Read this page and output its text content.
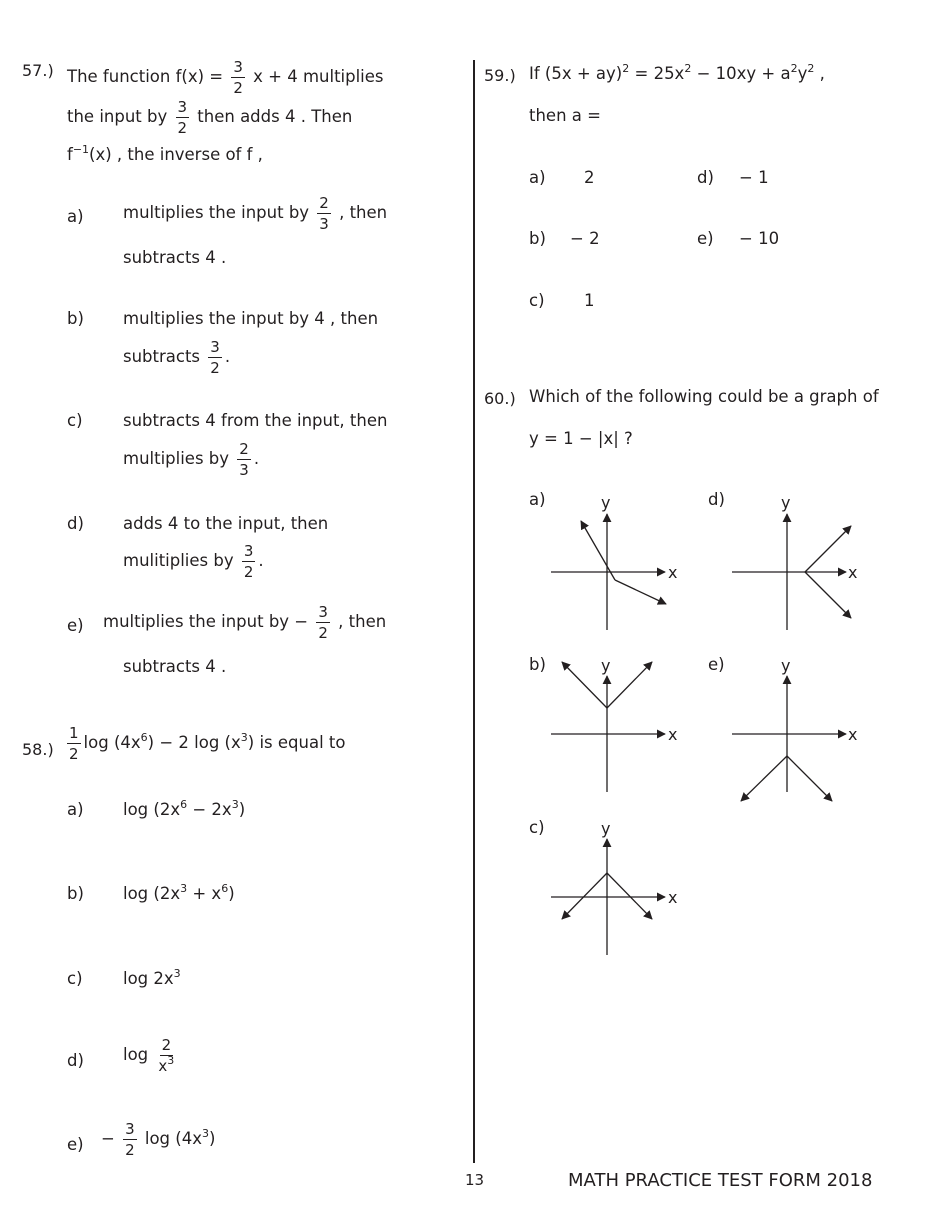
57.) The function $f(x) = \frac{3}{2}$ x + 4 multiplies
the input by $\frac{3}{2}$ then adds 4 . Then
$f^{-1}(x)$ , the inverse of f ,
a) multiplies the input by $\frac{2}{3}$ , then
subtracts 4 .
b) multiplies the input by 4 , then
subtracts $\frac{3}{2}$ .
c) subtracts 4 from the input, then
multiplies by $\frac{2}{3}$ .
d) adds 4 to the input, then
mulitiplies by $\frac{3}{2}$ .
e) multiplies the input by − $\frac{3}{2}$ , then
subtracts 4 .
$58.) \frac{1}{2}$ $\log (4x^6) - 2$ $\log (x^3)$ is equal to
a) $\log (2x^6 - 2x^3)$
b) $\log (2x^3 + x^6)$
c) $\log 2x^3$
d) $\log \frac{2}{x^3}$
$e) - \frac{3}{2}$ $\log (4x^3)$
59.) If $(5x + ay)^2 = 25x^2 - 10xy + a^2y^2$ ,
then a =
a) 2
b) − 2
c) 1
d) − 1
e) − 10
60.) Which of the following could be a graph of
y = 1 − |x| ?
a)
x
y
b)
x
y
c)
x
y
d)
x
y
e)
x
y
13	MATH PRACTICE TEST FORM 2018
